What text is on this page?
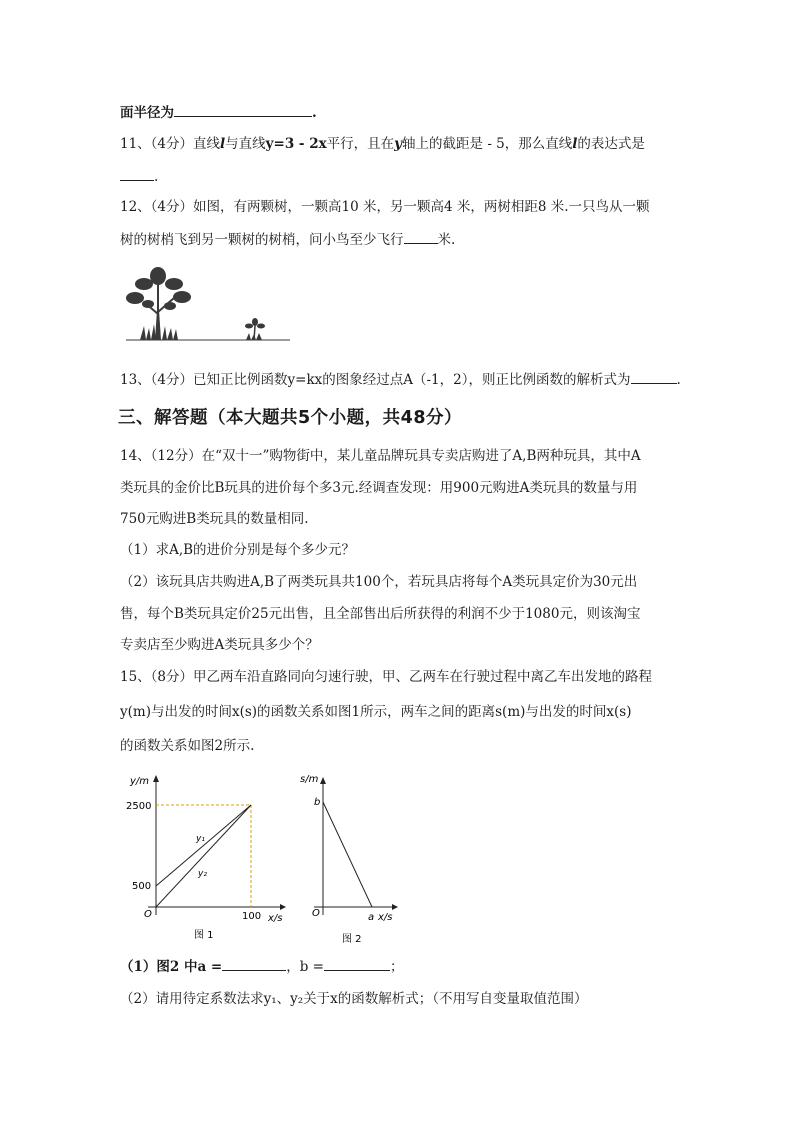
面半径为	.
11、（4分）直线l与直线y=3 - 2x平行，且在y轴上的截距是 - 5，那么直线l的表达式是
.
12、（4分）如图，有两颗树，一颗高10 米，另一颗高4 米，两树相距8 米.一只鸟从一颗
树的树梢飞到另一颗树的树梢，问小鸟至少飞行	米.
13、（4分）已知正比例函数y=kx的图象经过点A（-1，2），则正比例函数的解析式为	.
三、解答题（本大题共5个小题，共48分）
14、（12分）在“双十一”购物街中，某儿童品牌玩具专卖店购进了A,B两种玩具，其中A
类玩具的金价比B玩具的进价每个多3元.经调查发现：用900元购进A类玩具的数量与用
750元购进B类玩具的数量相同.
（1）求A,B的进价分别是每个多少元？
（2）该玩具店共购进A,B了两类玩具共100个，若玩具店将每个A类玩具定价为30元出
售，每个B类玩具定价25元出售，且全部售出后所获得的利润不少于1080元，则该淘宝
专卖店至少购进A类玩具多少个？
15、（8分）甲乙两车沿直路同向匀速行驶，甲、乙两车在行驶过程中离乙车出发地的路程
y(m)与出发的时间x(s)的函数关系如图1所示，两车之间的距离s(m)与出发的时间x(s)
的函数关系如图2所示.
y/m
2500
500
O	100 x/s
y₁
y₂
图 1
s/m
b
O	a x/s
图 2
（1）图2 中a =	，b =	；
（2）请用待定系数法求y₁、y₂关于x的函数解析式；（不用写自变量取值范围）
